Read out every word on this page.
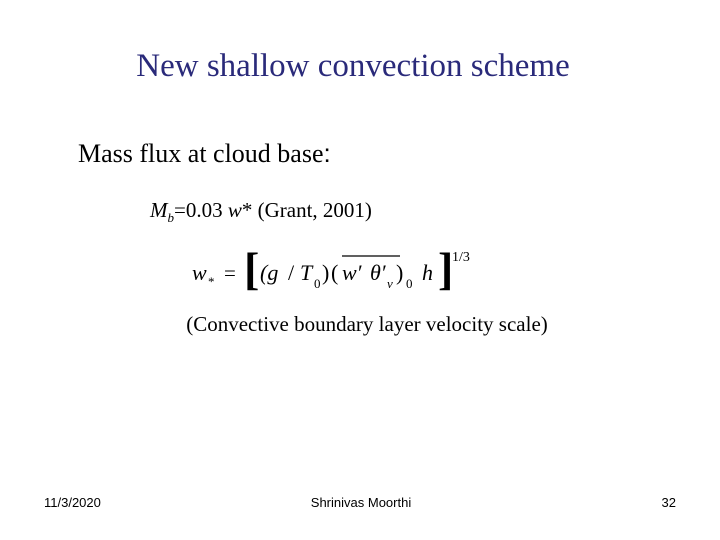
New shallow convection scheme
Mass flux at cloud base:
$M_b=0.03$ w* (Grant, 2001)
w * = [ (g / T 0 ) ( w′ θ′ v ) 0 h ]
1/3
(Convective boundary layer velocity scale)
11/3/2020	Shrinivas Moorthi	32
